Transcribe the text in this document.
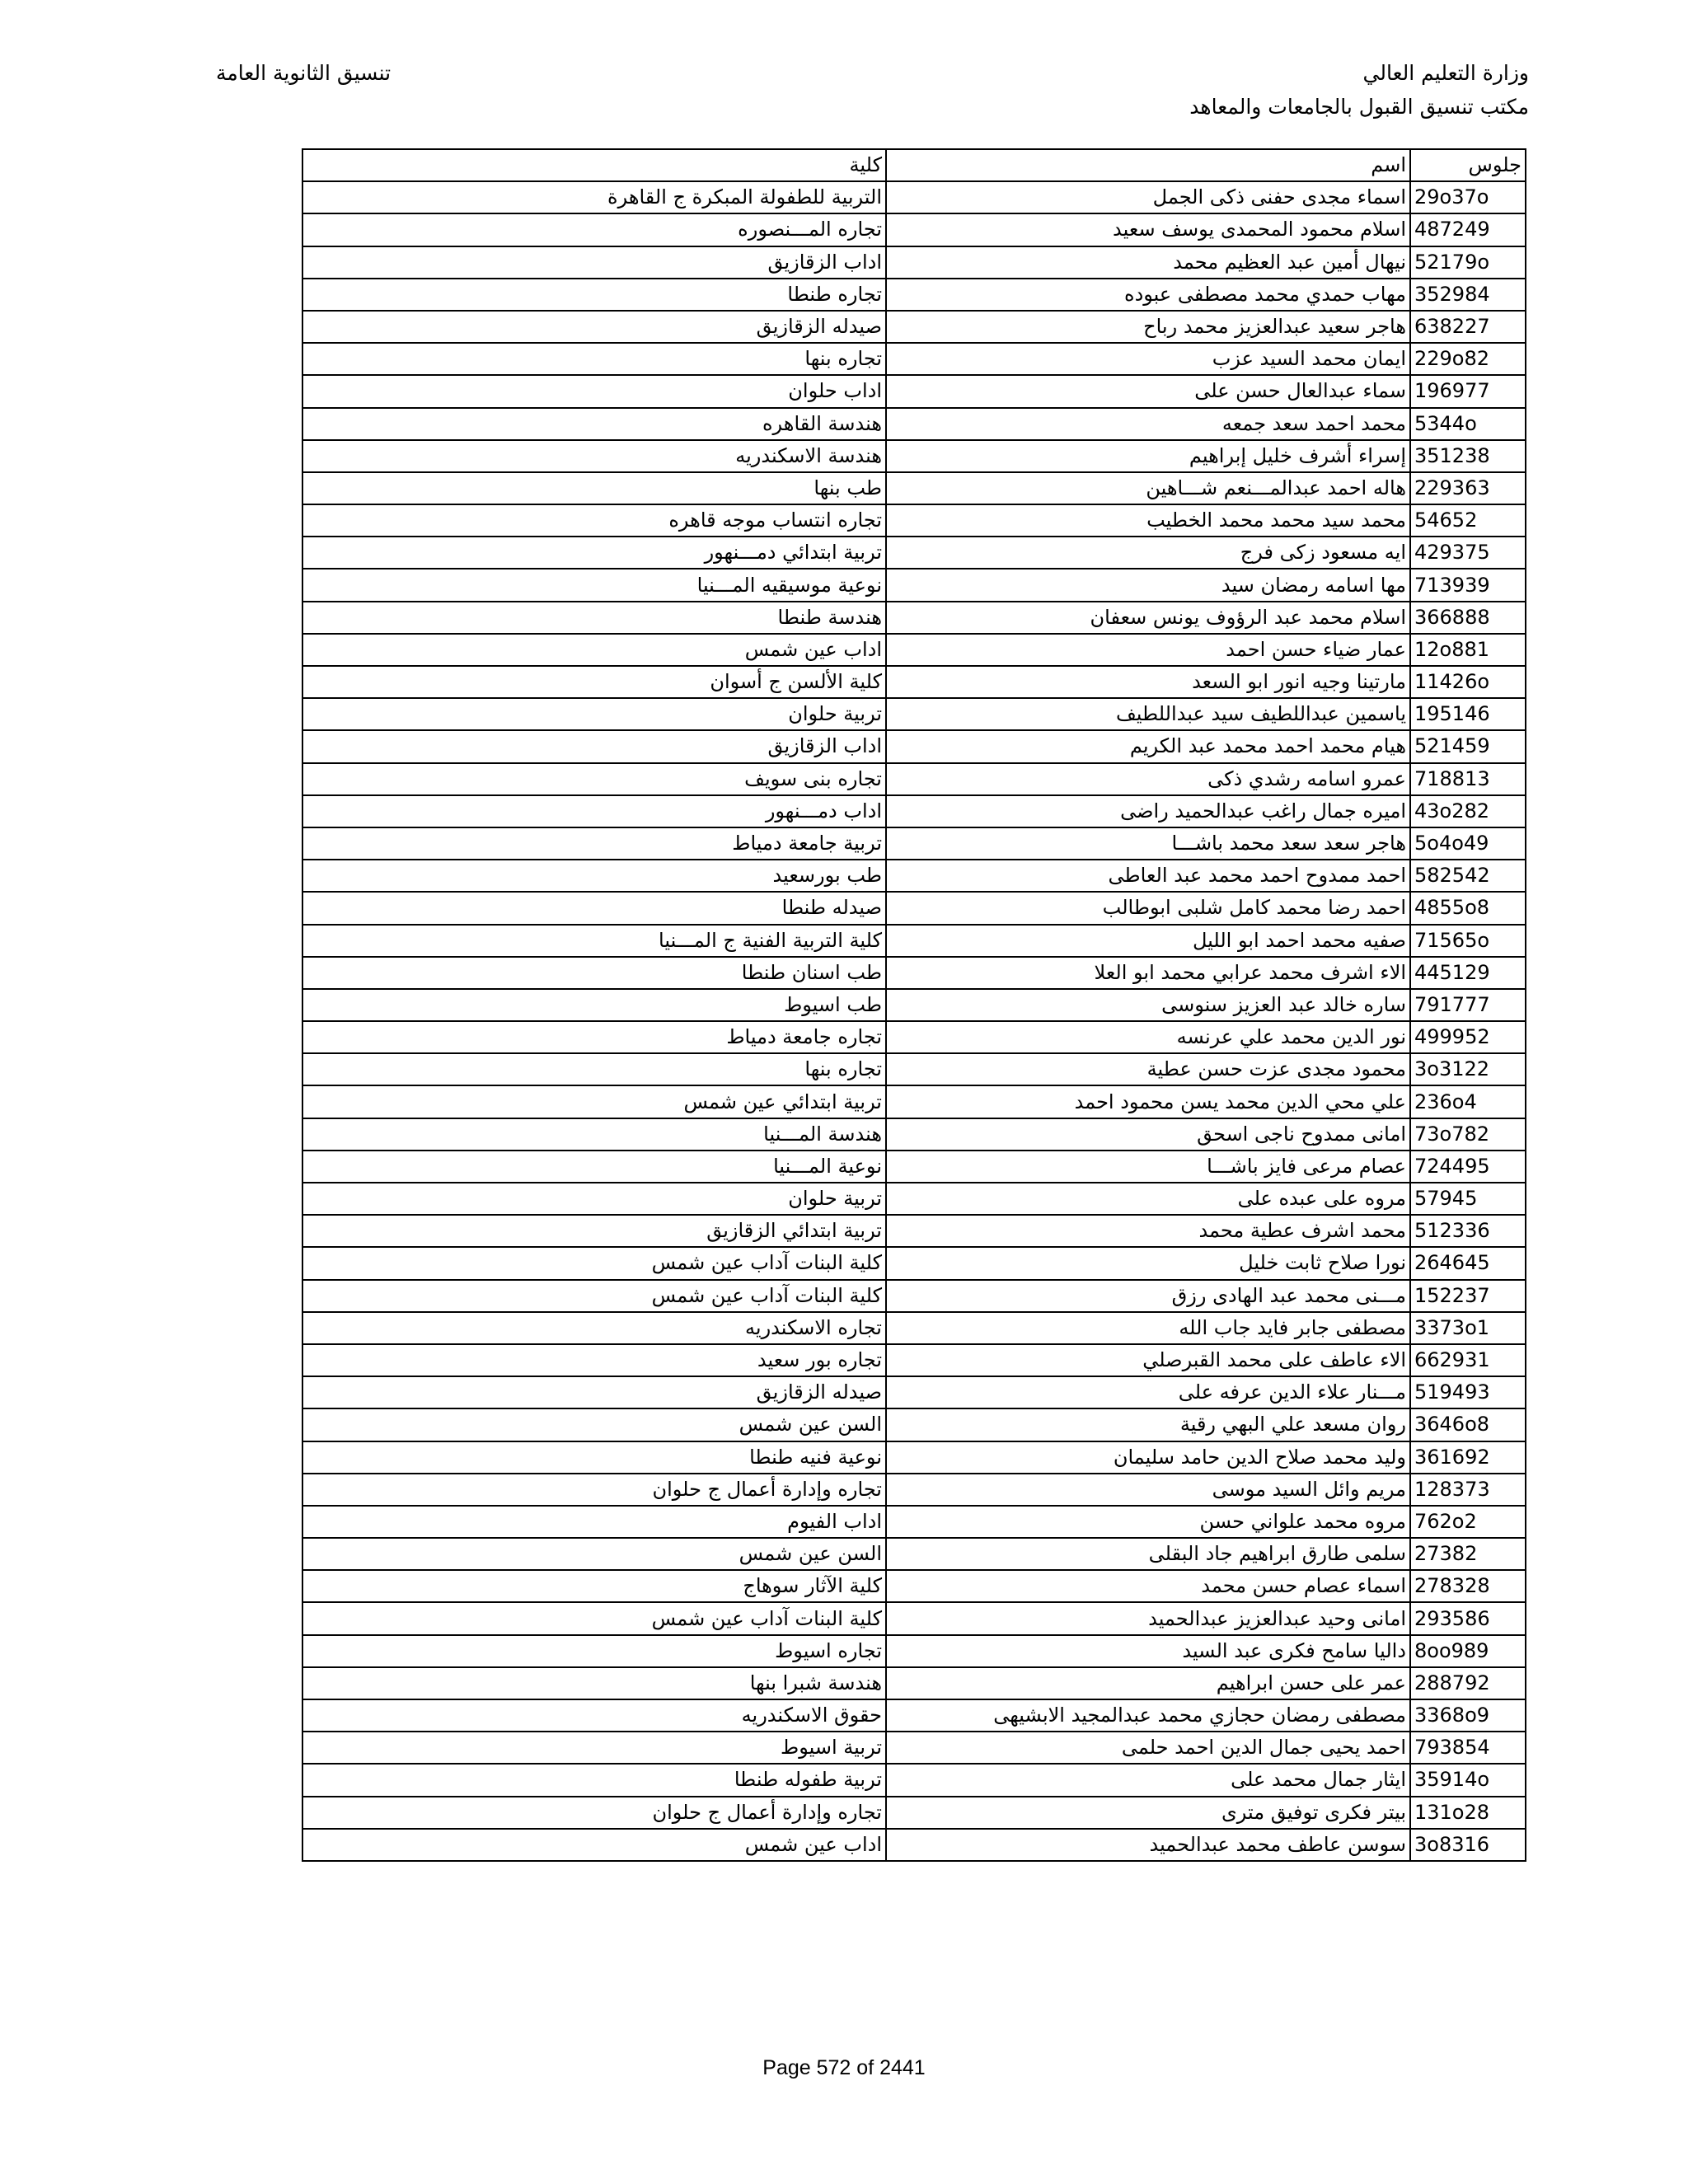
وزارة التعليم العالي
مكتب تنسيق القبول بالجامعات والمعاهد
تنسيق الثانوية العامة
جلوس	اسم	كلية
29o37o	اسماء مجدى حفنى ذكى الجمل	التربية للطفولة المبكرة ج القاهرة
487249	اسلام محمود المحمدى يوسف سعيد	تجاره المـــنصوره
52179o	نيهال أمين عبد العظيم محمد	اداب الزقازيق
352984	مهاب حمدي محمد مصطفى عبوده	تجاره طنطا
638227	هاجر سعيد عبدالعزيز محمد رباح	صيدله الزقازيق
229o82	ايمان محمد السيد عزب	تجاره بنها
196977	سماء عبدالعال حسن على	اداب حلوان
5344o	محمد احمد سعد جمعه	هندسة القاهره
351238	إسراء أشرف خليل إبراهيم	هندسة الاسكندريه
229363	هاله احمد عبدالمـــنعم شـــاهين	طب بنها
54652	محمد سيد محمد محمد الخطيب	تجاره انتساب موجه قاهره
429375	ايه مسعود زكى فرج	تربية ابتدائي دمـــنهور
713939	مها اسامه رمضان سيد	نوعية موسيقيه المـــنيا
366888	اسلام محمد عبد الرؤوف يونس سعفان	هندسة طنطا
12o881	عمار ضياء حسن احمد	اداب عين شمس
11426o	مارتينا وجيه انور ابو السعد	كلية الألسن ج أسوان
195146	ياسمين عبداللطيف سيد عبداللطيف	تربية حلوان
521459	هيام محمد احمد محمد عبد الكريم	اداب الزقازيق
718813	عمرو اسامه رشدي ذكى	تجاره بنى سويف
43o282	اميره جمال راغب عبدالحميد راضى	اداب دمـــنهور
5o4o49	هاجر سعد سعد محمد باشـــا	تربية جامعة دمياط
582542	احمد ممدوح احمد محمد عبد العاطى	طب بورسعيد
4855o8	احمد رضا محمد كامل شلبى ابوطالب	صيدله طنطا
71565o	صفيه محمد احمد ابو الليل	كلية التربية الفنية ج المـــنيا
445129	الاء اشرف محمد عرابي محمد ابو العلا	طب اسنان طنطا
791777	ساره خالد عبد العزيز سنوسى	طب اسيوط
499952	نور الدين محمد علي عرنسه	تجاره جامعة دمياط
3o3122	محمود مجدى عزت حسن عطية	تجاره بنها
236o4	علي محي الدين محمد يسن محمود احمد	تربية ابتدائي عين شمس
73o782	امانى ممدوح ناجى اسحق	هندسة المـــنيا
724495	عصام مرعى فايز باشـــا	نوعية المـــنيا
57945	مروه على عبده على	تربية حلوان
512336	محمد اشرف عطية محمد	تربية ابتدائي الزقازيق
264645	نورا صلاح ثابت خليل	كلية البنات آداب عين شمس
152237	مـــنى محمد عبد الهادى رزق	كلية البنات آداب عين شمس
3373o1	مصطفى جابر فايد جاب الله	تجاره الاسكندريه
662931	الاء عاطف على محمد القبرصلي	تجاره بور سعيد
519493	مـــنار علاء الدين عرفه على	صيدله الزقازيق
3646o8	روان مسعد علي البهي رقية	السن عين شمس
361692	وليد محمد صلاح الدين حامد سليمان	نوعية فنيه طنطا
128373	مريم وائل السيد موسى	تجاره وإدارة أعمال ج حلوان
762o2	مروه محمد علواني حسن	اداب الفيوم
27382	سلمى طارق ابراهيم جاد البقلى	السن عين شمس
278328	اسماء عصام حسن محمد	كلية الآثار سوهاج
293586	امانى وحيد عبدالعزيز عبدالحميد	كلية البنات آداب عين شمس
8oo989	داليا سامح فكرى عبد السيد	تجاره اسيوط
288792	عمر على حسن ابراهيم	هندسة شبرا بنها
3368o9	مصطفى رمضان حجازي محمد عبدالمجيد الابشيهى	حقوق الاسكندريه
793854	احمد يحيى جمال الدين احمد حلمى	تربية اسيوط
35914o	ايثار جمال محمد على	تربية طفوله طنطا
131o28	بيتر فكرى توفيق مترى	تجاره وإدارة أعمال ج حلوان
3o8316	سوسن عاطف محمد عبدالحميد	اداب عين شمس
Page 572 of 2441
